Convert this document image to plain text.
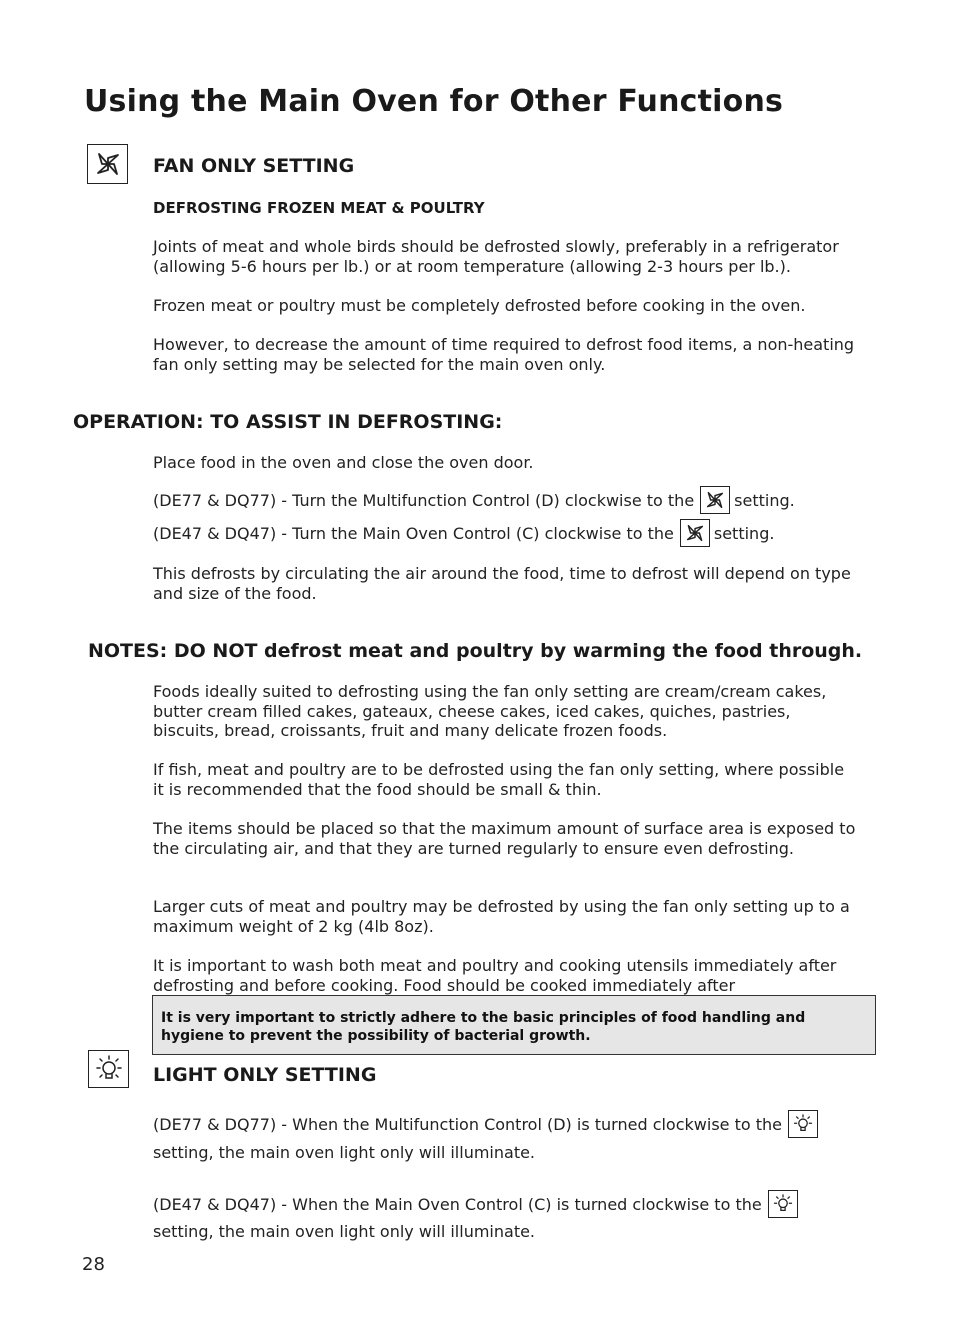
Using the Main Oven for Other Functions
FAN ONLY SETTING
DEFROSTING FROZEN MEAT & POULTRY
Joints of meat and whole birds should be defrosted slowly, preferably in a refrigerator (allowing 5-6 hours per lb.) or at room temperature (allowing 2-3 hours per lb.).
Frozen meat or poultry must be completely defrosted before cooking in the oven.
However, to decrease the amount of time required to defrost food items, a non-heating fan only setting may be selected for the main oven only.
OPERATION: TO ASSIST IN DEFROSTING:
Place food in the oven and close the oven door.
(DE77 & DQ77) - Turn the Multifunction Control (D) clockwise to the	setting.
(DE47 & DQ47) - Turn the Main Oven Control (C) clockwise to the	setting.
This defrosts by circulating the air around the food, time to defrost will depend on type and size of the food.
NOTES: DO NOT defrost meat and poultry by warming the food through.
Foods ideally suited to defrosting using the fan only setting are cream/cream cakes, butter cream filled cakes, gateaux, cheese cakes, iced cakes, quiches, pastries, biscuits, bread, croissants, fruit and many delicate frozen foods.
If fish, meat and poultry are to be defrosted using the fan only setting, where possible it is recommended that the food should be small & thin.
The items should be placed so that the maximum amount of surface area is exposed to the circulating air, and that they are turned regularly to ensure even defrosting.
Larger cuts of meat and poultry may be defrosted by using the fan only setting up to a maximum weight of 2 kg (4lb 8oz).
It is important to wash both meat and poultry and cooking utensils immediately after defrosting and before cooking. Food should be cooked immediately after
It is very important to strictly adhere to the basic principles of food handling and hygiene to prevent the possibility of bacterial growth.
LIGHT ONLY SETTING
(DE77 & DQ77) - When the Multifunction Control (D) is turned clockwise to the
setting, the main oven light only will illuminate.
(DE47 & DQ47) - When the Main Oven Control (C) is turned clockwise to the
setting, the main oven light only will illuminate.
28
